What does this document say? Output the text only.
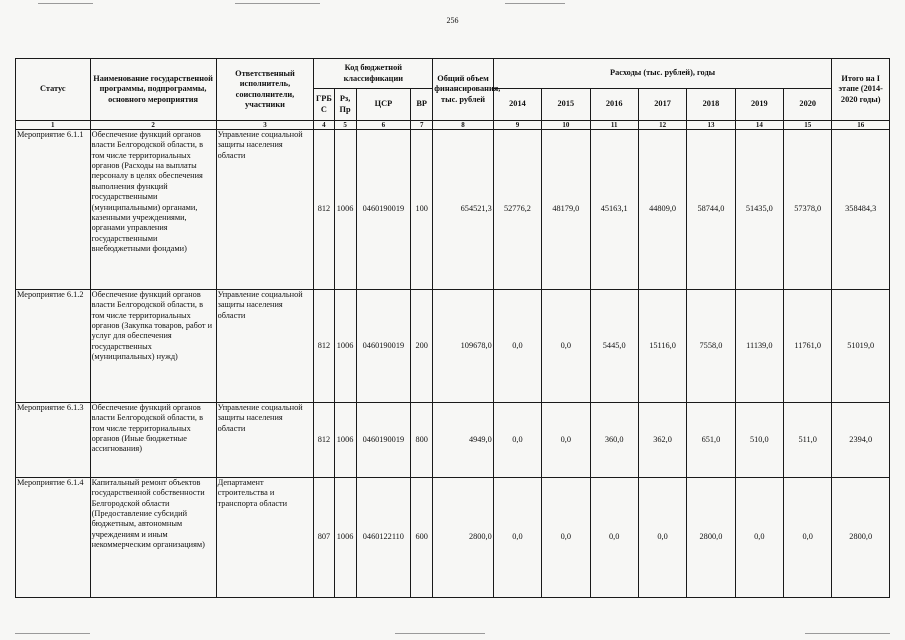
256
Статус	Наименование государственной программы, подпрограммы, основного мероприятия	Ответственный исполнитель, соисполнители, участники	Код бюджетной классификации				Общий объем финансирования, тыс. рублей	Расходы (тыс. рублей), годы							Итого на I этапе (2014-2020 годы)
			ГРБ С	Рз, Пр	ЦСР	ВР		2014	2015	2016	2017	2018	2019	2020	
1	2	3	4	5	6	7	8	9	10	11	12	13	14	15	16
Мероприятие 6.1.1	Обеспечение функций органов власти Белгородской области, в том числе территориальных органов (Расходы на выплаты персоналу в целях обеспечения выполнения функций государственными (муниципальными) органами, казенными учреждениями, органами управления государственными внебюджетными фондами)	Управление социальной защиты населения области	812	1006	0460190019	100	654521,3	52776,2	48179,0	45163,1	44809,0	58744,0	51435,0	57378,0	358484,3
Мероприятие 6.1.2	Обеспечение функций органов власти Белгородской области, в том числе территориальных органов (Закупка товаров, работ и услуг для обеспечения государственных (муниципальных) нужд)	Управление социальной защиты населения области	812	1006	0460190019	200	109678,0	0,0	0,0	5445,0	15116,0	7558,0	11139,0	11761,0	51019,0
Мероприятие 6.1.3	Обеспечение функций органов власти Белгородской области, в том числе территориальных органов (Иные бюджетные ассигнования)	Управление социальной защиты населения области	812	1006	0460190019	800	4949,0	0,0	0,0	360,0	362,0	651,0	510,0	511,0	2394,0
Мероприятие 6.1.4	Капитальный ремонт объектов государственной собственности Белгородской области (Предоставление субсидий бюджетным, автономным учреждениям и иным некоммерческим организациям)	Департамент строительства и транспорта области	807	1006	0460122110	600	2800,0	0,0	0,0	0,0	0,0	2800,0	0,0	0,0	2800,0
